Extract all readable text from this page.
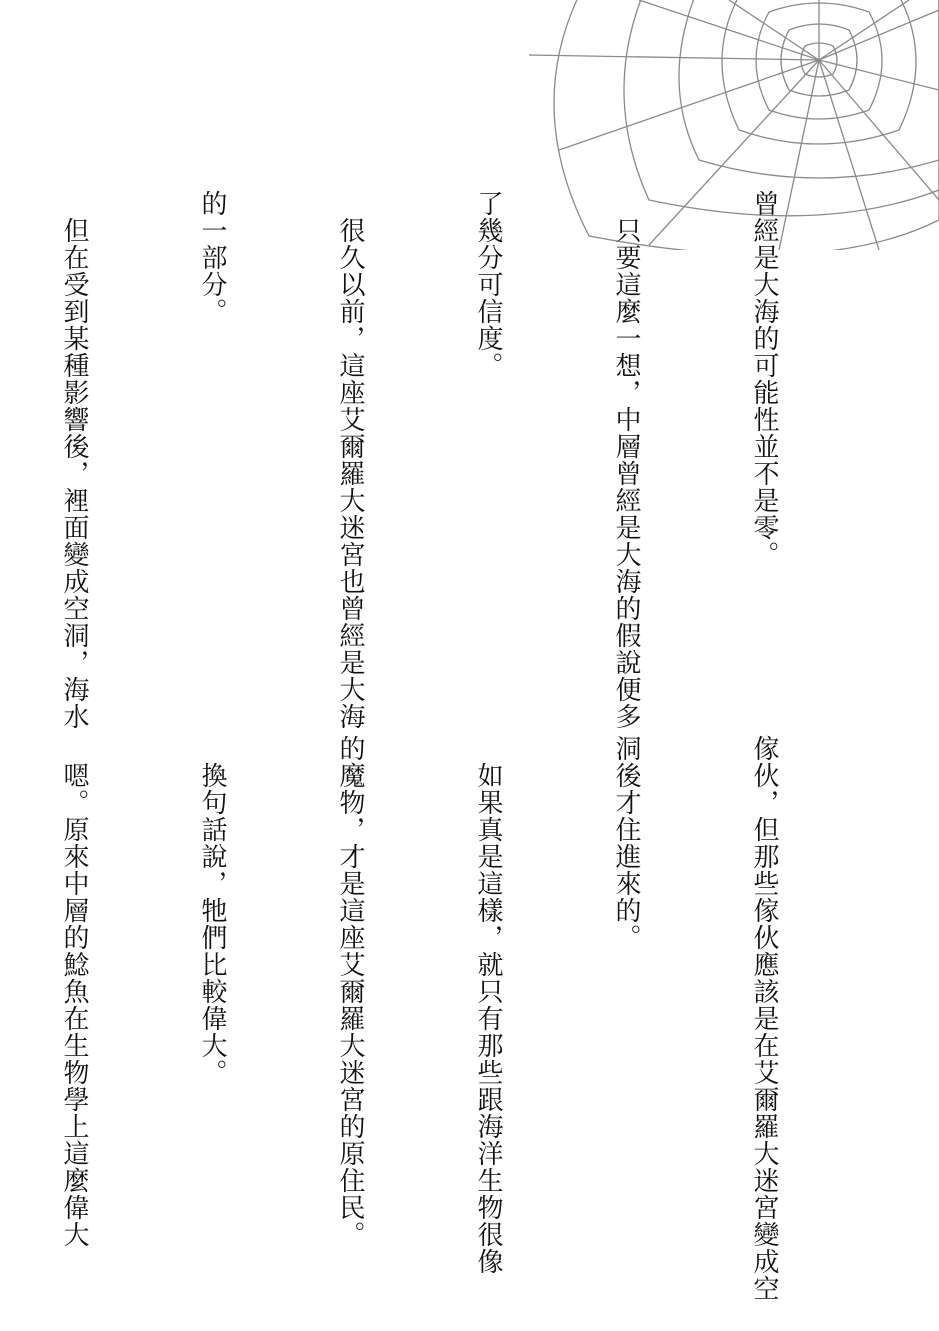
曾經是大海的可能性並不是零。

　只要這麼一想，中層曾經是大海的假說便多

了幾分可信度。

　很久以前，這座艾爾羅大迷宮也曾經是大海

的一部分。

　但在受到某種影響後，裡面變成空洞，海水

傢伙，但那些傢伙應該是在艾爾羅大迷宮變成空

洞後才住進來的。

　如果真是這樣，就只有那些跟海洋生物很像

的魔物，才是這座艾爾羅大迷宮的原住民。

　換句話說，牠們比較偉大。

　嗯。原來中層的鯰魚在生物學上這麼偉大
